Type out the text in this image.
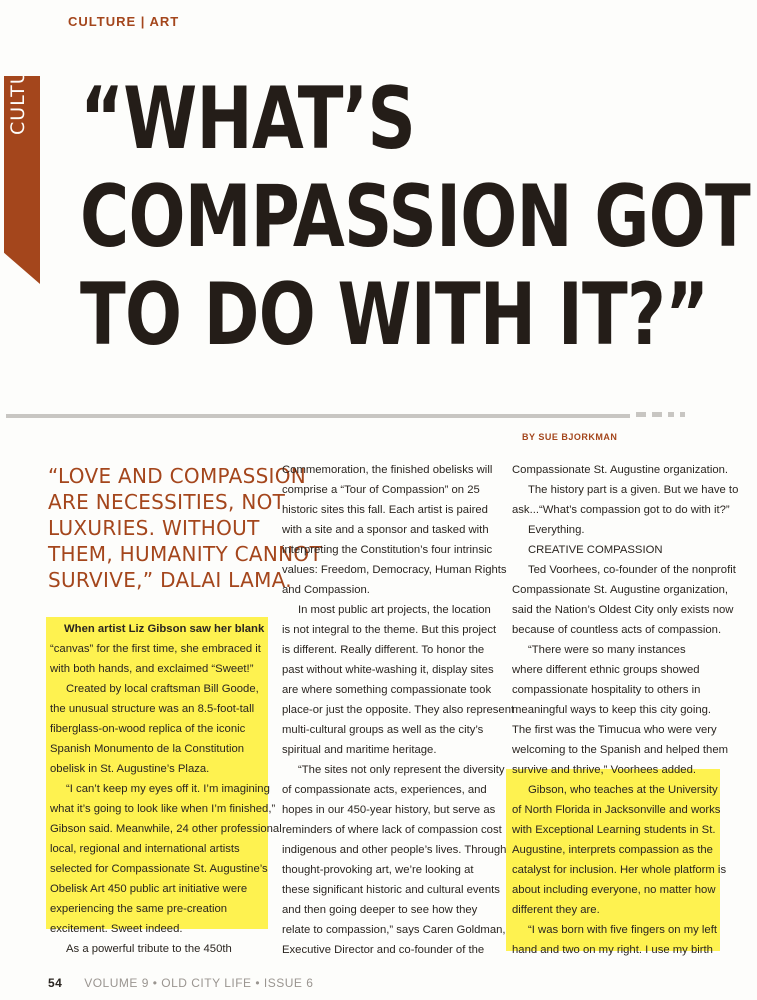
CULTURE | ART
CULTURE “WHAT’S
COMPASSION GOT
TO DO WITH IT?”
BY SUE BJORKMAN
“LOVE AND COMPASSION
ARE NECESSITIES, NOT
LUXURIES. WITHOUT
THEM, HUMANITY CANNOT
SURVIVE,” DALAI LAMA.

When artist Liz Gibson saw her blank

“canvas” for the first time, she embraced it

with both hands, and exclaimed “Sweet!”

Created by local craftsman Bill Goode,

the unusual structure was an 8.5-foot-tall

fiberglass-on-wood replica of the iconic

Spanish Monumento de la Constitution

obelisk in St. Augustine’s Plaza.

“I can’t keep my eyes off it. I’m imagining

what it’s going to look like when I’m finished,”

Gibson said. Meanwhile, 24 other professional

local, regional and international artists

selected for Compassionate St. Augustine’s

Obelisk Art 450 public art initiative were

experiencing the same pre-creation

excitement. Sweet indeed.

As a powerful tribute to the 450th

Commemoration, the finished obelisks will

comprise a “Tour of Compassion” on 25

historic sites this fall. Each artist is paired

with a site and a sponsor and tasked with

interpreting the Constitution’s four intrinsic

values: Freedom, Democracy, Human Rights

and Compassion.

In most public art projects, the location

is not integral to the theme. But this project

is different. Really different. To honor the

past without white-washing it, display sites

are where something compassionate took

place-or just the opposite. They also represent

multi-cultural groups as well as the city’s

spiritual and maritime heritage.

“The sites not only represent the diversity

of compassionate acts, experiences, and

hopes in our 450-year history, but serve as

reminders of where lack of compassion cost

indigenous and other people’s lives. Through

thought-provoking art, we’re looking at

these significant historic and cultural events

and then going deeper to see how they

relate to compassion,” says Caren Goldman,

Executive Director and co-founder of the

Compassionate St. Augustine organization.

The history part is a given. But we have to

ask...“What’s compassion got to do with it?”

Everything.

CREATIVE COMPASSION

Ted Voorhees, co-founder of the nonprofit

Compassionate St. Augustine organization,

said the Nation’s Oldest City only exists now

because of countless acts of compassion.

“There were so many instances

where different ethnic groups showed

compassionate hospitality to others in

meaningful ways to keep this city going.

The first was the Timucua who were very

welcoming to the Spanish and helped them

survive and thrive,” Voorhees added.

Gibson, who teaches at the University

of North Florida in Jacksonville and works

with Exceptional Learning students in St.

Augustine, interprets compassion as the

catalyst for inclusion. Her whole platform is

about including everyone, no matter how

different they are.

“I was born with five fingers on my left

hand and two on my right. I use my birth

54 VOLUME 9 • OLD CITY LIFE • ISSUE 6
